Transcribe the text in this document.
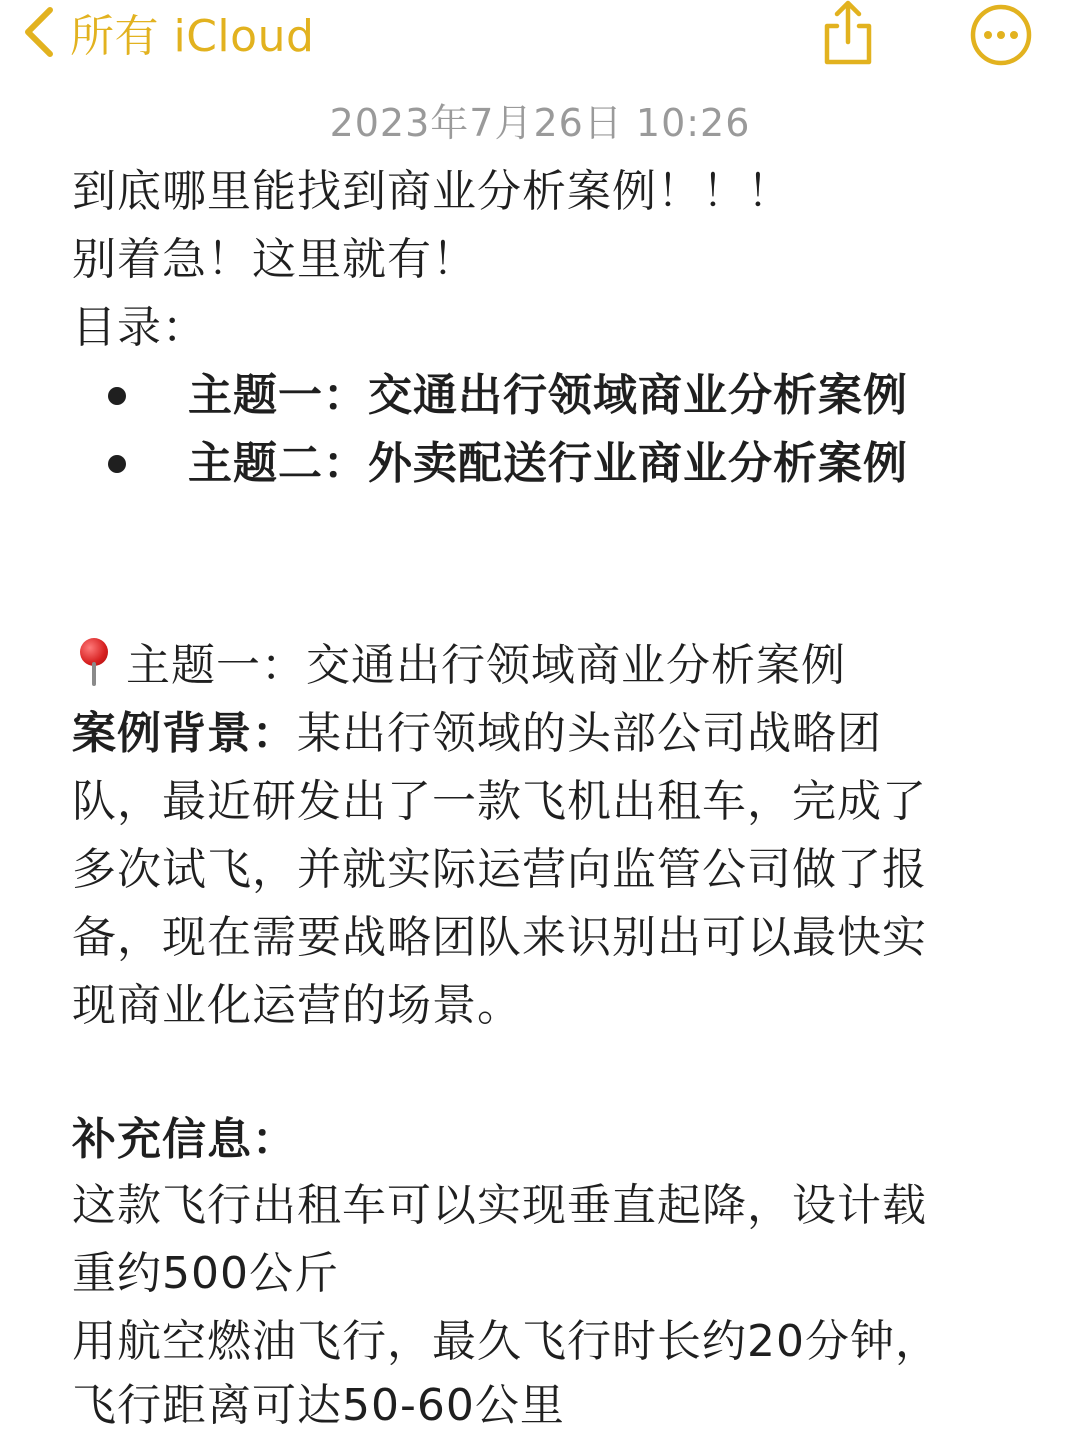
所有 iCloud
2023年7月26日 10:26
到底哪里能找到商业分析案例！！！
别着急！这里就有！
目录：
主题一：交通出行领域商业分析案例
主题二：外卖配送行业商业分析案例
主题一：交通出行领域商业分析案例
案例背景：某出行领域的头部公司战略团
队，最近研发出了一款飞机出租车，完成了
多次试飞，并就实际运营向监管公司做了报
备，现在需要战略团队来识别出可以最快实
现商业化运营的场景。
补充信息：
这款飞行出租车可以实现垂直起降，设计载
重约500公斤
用航空燃油飞行，最久飞行时长约20分钟，
飞行距离可达50-60公里
